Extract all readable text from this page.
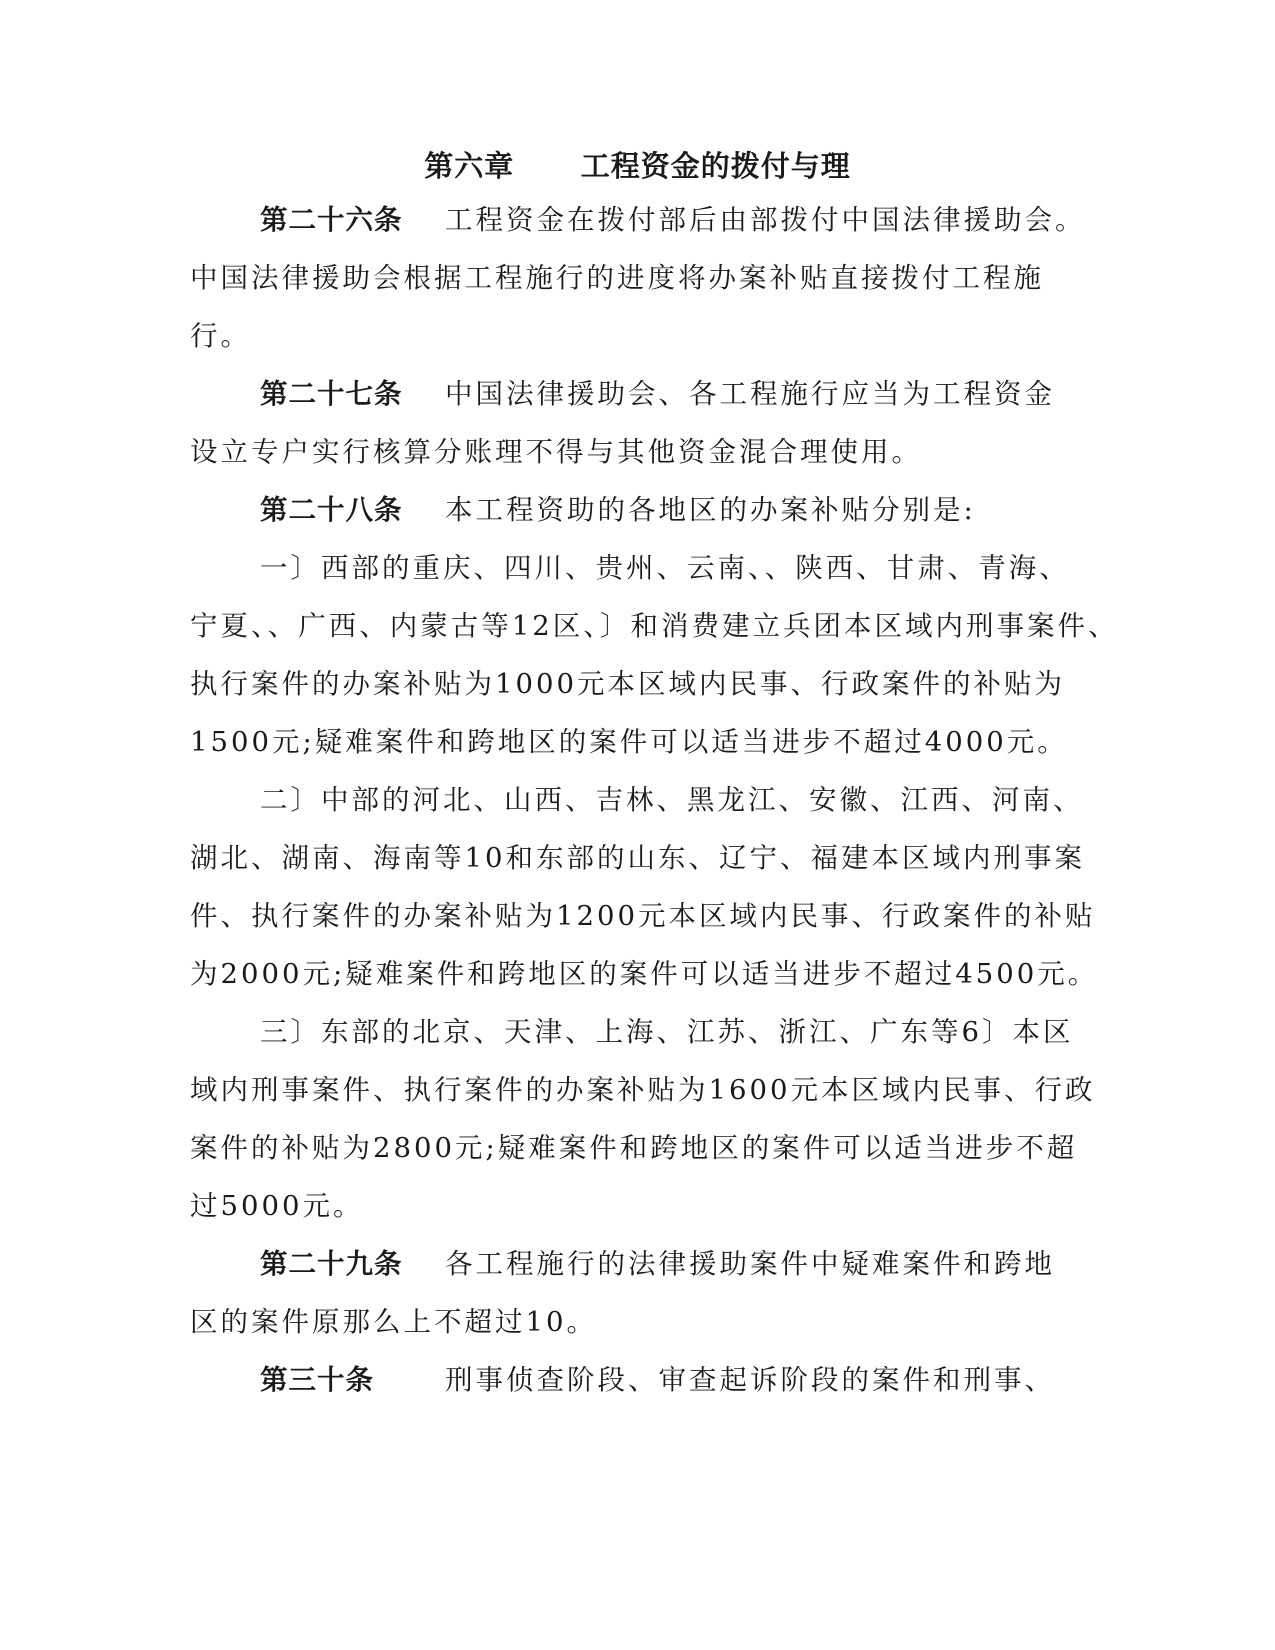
第六章      工程资金的拨付与理
第二十六条 工程资金在拨付部后由部拨付中国法律援助会。
中国法律援助会根据工程施行的进度将办案补贴直接拨付工程施
行。
第二十七条 中国法律援助会、各工程施行应当为工程资金
设立专户实行核算分账理不得与其他资金混合理使用。
第二十八条 本工程资助的各地区的办案补贴分别是:
一〕西部的重庆、四川、贵州、云南、、陕西、甘肃、青海、
宁夏、、广西、内蒙古等12区、〕和消费建立兵团本区域内刑事案件、
执行案件的办案补贴为1000元本区域内民事、行政案件的补贴为
1500元;疑难案件和跨地区的案件可以适当进步不超过4000元。
二〕中部的河北、山西、吉林、黑龙江、安徽、江西、河南、
湖北、湖南、海南等10和东部的山东、辽宁、福建本区域内刑事案
件、执行案件的办案补贴为1200元本区域内民事、行政案件的补贴
为2000元;疑难案件和跨地区的案件可以适当进步不超过4500元。
三〕东部的北京、天津、上海、江苏、浙江、广东等6〕本区
域内刑事案件、执行案件的办案补贴为1600元本区域内民事、行政
案件的补贴为2800元;疑难案件和跨地区的案件可以适当进步不超
过5000元。
第二十九条 各工程施行的法律援助案件中疑难案件和跨地
区的案件原那么上不超过10。
第三十条	刑事侦查阶段、审查起诉阶段的案件和刑事、
